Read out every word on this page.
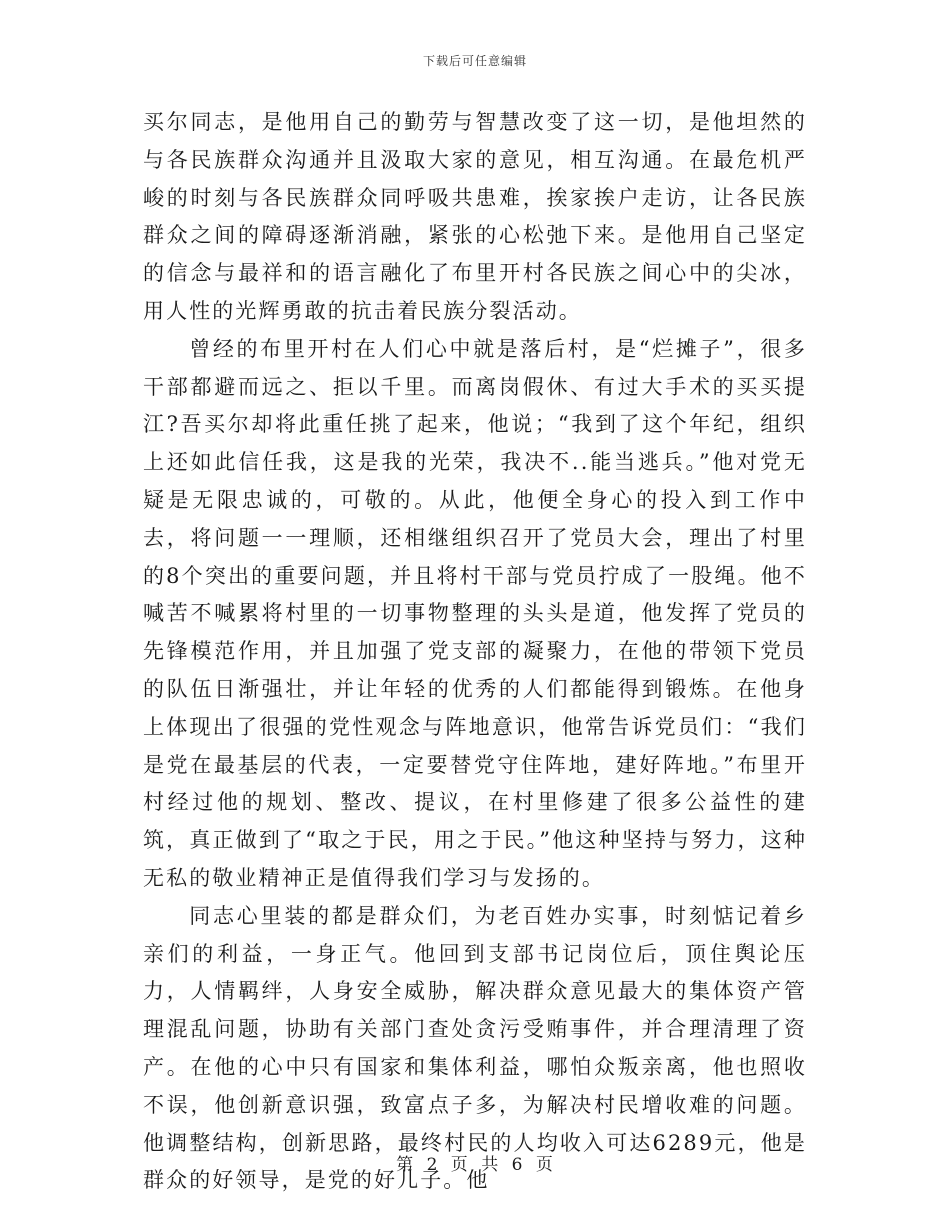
下载后可任意编辑

买尔同志，是他用自己的勤劳与智慧改变了这一切，是他坦然的与各民族群众沟通并且汲取大家的意见，相互沟通。在最危机严峻的时刻与各民族群众同呼吸共患难，挨家挨户走访，让各民族群众之间的障碍逐渐消融，紧张的心松弛下来。是他用自己坚定的信念与最祥和的语言融化了布里开村各民族之间心中的尖冰，用人性的光辉勇敢的抗击着民族分裂活动。

曾经的布里开村在人们心中就是落后村，是“烂摊子”，很多干部都避而远之、拒以千里。而离岗假休、有过大手术的买买提江?吾买尔却将此重任挑了起来，他说；“我到了这个年纪，组织上还如此信任我，这是我的光荣，我决不..能当逃兵。”他对党无疑是无限忠诚的，可敬的。从此，他便全身心的投入到工作中去，将问题一一理顺，还相继组织召开了党员大会，理出了村里的8个突出的重要问题，并且将村干部与党员拧成了一股绳。他不喊苦不喊累将村里的一切事物整理的头头是道，他发挥了党员的先锋模范作用，并且加强了党支部的凝聚力，在他的带领下党员的队伍日渐强壮，并让年轻的优秀的人们都能得到锻炼。在他身上体现出了很强的党性观念与阵地意识，他常告诉党员们：“我们是党在最基层的代表，一定要替党守住阵地，建好阵地。”布里开村经过他的规划、整改、提议，在村里修建了很多公益性的建筑，真正做到了“取之于民，用之于民。”他这种坚持与努力，这种无私的敬业精神正是值得我们学习与发扬的。

同志心里装的都是群众们，为老百姓办实事，时刻惦记着乡亲们的利益，一身正气。他回到支部书记岗位后，顶住舆论压力，人情羁绊，人身安全威胁，解决群众意见最大的集体资产管理混乱问题，协助有关部门查处贪污受贿事件，并合理清理了资产。在他的心中只有国家和集体利益，哪怕众叛亲离，他也照收不误，他创新意识强，致富点子多，为解决村民增收难的问题。他调整结构，创新思路，最终村民的人均收入可达6289元，他是群众的好领导，是党的好儿子。他

第 2 页 共 6 页
